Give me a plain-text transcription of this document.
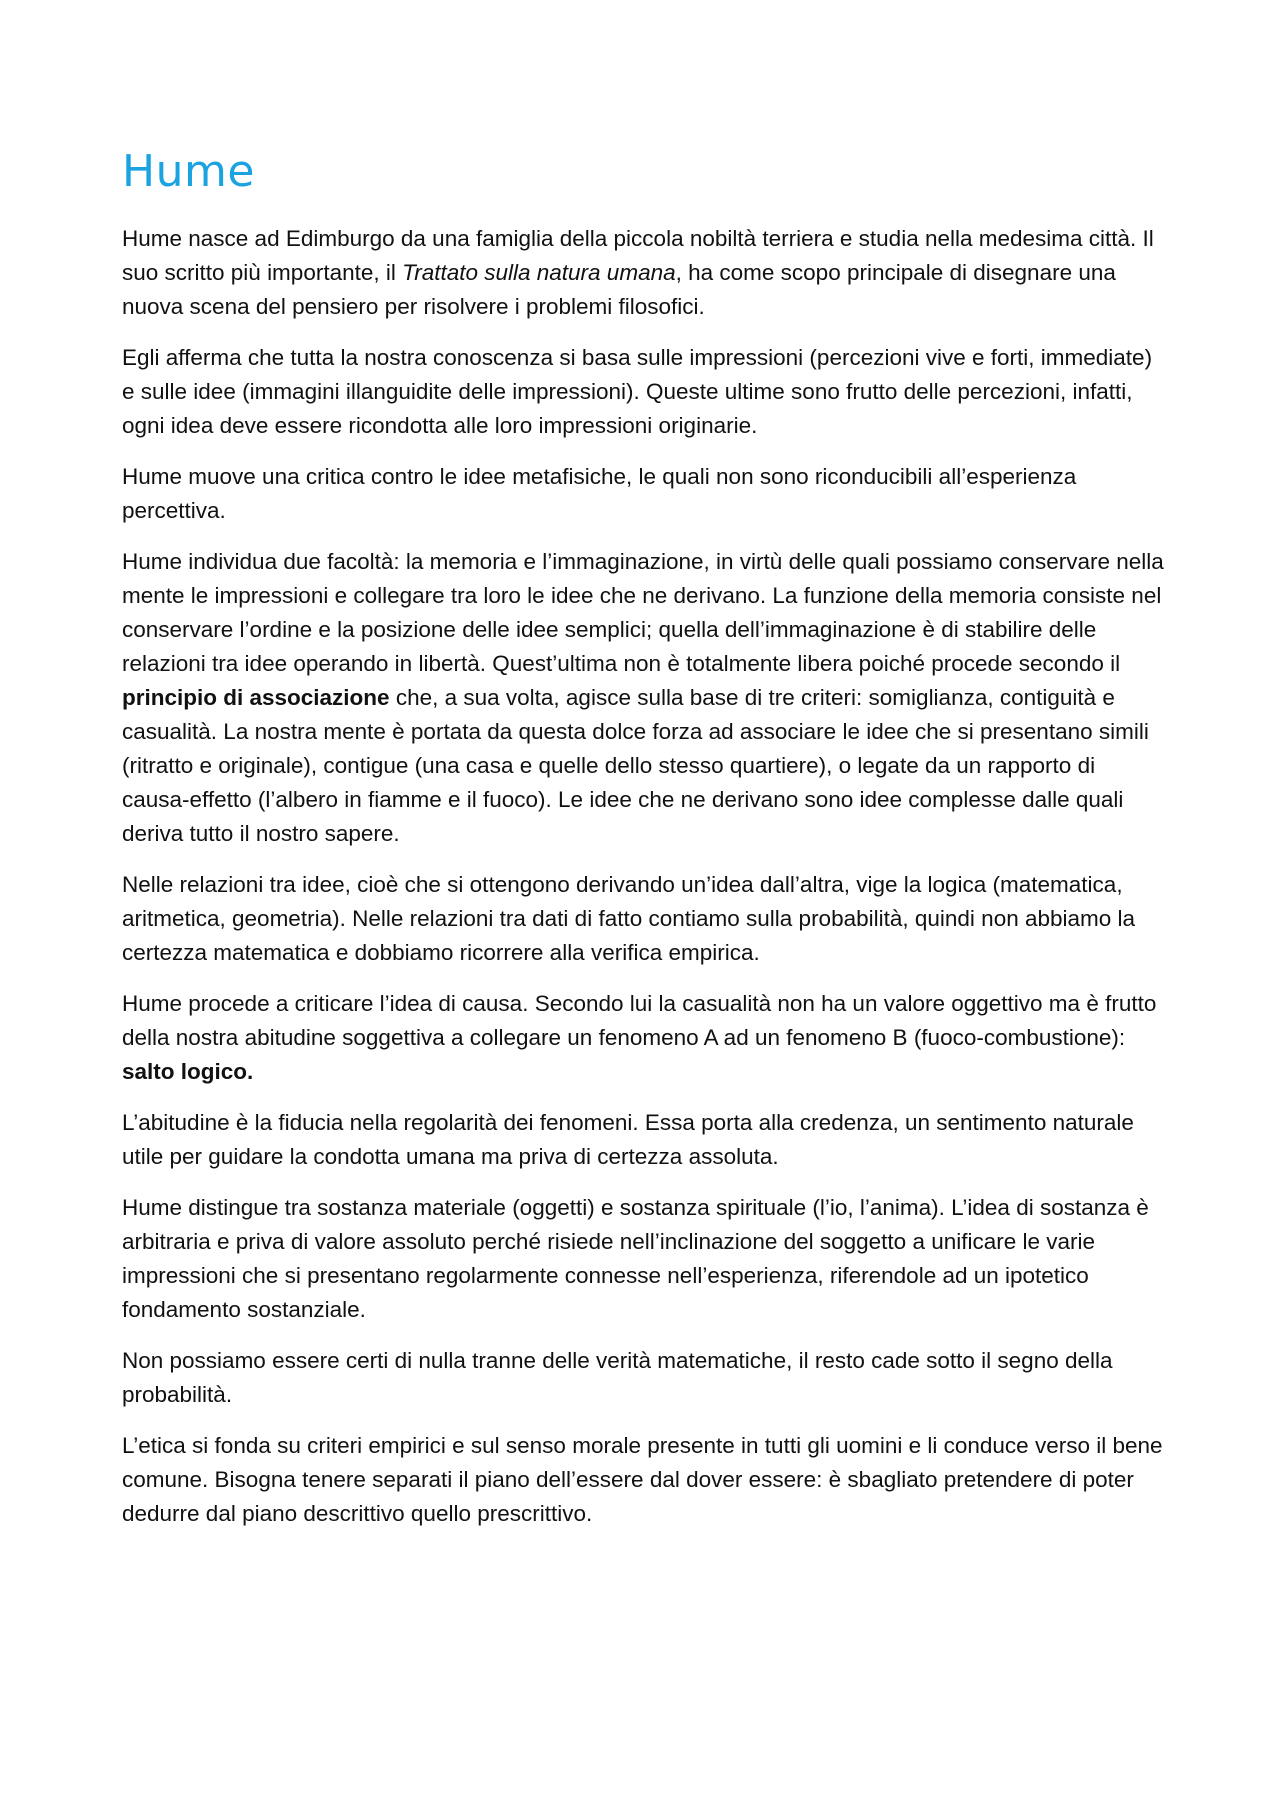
Hume

Hume nasce ad Edimburgo da una famiglia della piccola nobiltà terriera e studia nella medesima città. Il suo scritto più importante, il Trattato sulla natura umana, ha come scopo principale di disegnare una nuova scena del pensiero per risolvere i problemi filosofici.

Egli afferma che tutta la nostra conoscenza si basa sulle impressioni (percezioni vive e forti, immediate) e sulle idee (immagini illanguidite delle impressioni). Queste ultime sono frutto delle percezioni, infatti, ogni idea deve essere ricondotta alle loro impressioni originarie.

Hume muove una critica contro le idee metafisiche, le quali non sono riconducibili all’esperienza percettiva.

Hume individua due facoltà: la memoria e l’immaginazione, in virtù delle quali possiamo conservare nella mente le impressioni e collegare tra loro le idee che ne derivano. La funzione della memoria consiste nel conservare l’ordine e la posizione delle idee semplici; quella dell’immaginazione è di stabilire delle relazioni tra idee operando in libertà. Quest’ultima non è totalmente libera poiché procede secondo il principio di associazione che, a sua volta, agisce sulla base di tre criteri: somiglianza, contiguità e casualità. La nostra mente è portata da questa dolce forza ad associare le idee che si presentano simili (ritratto e originale), contigue (una casa e quelle dello stesso quartiere), o legate da un rapporto di causa-effetto (l’albero in fiamme e il fuoco). Le idee che ne derivano sono idee complesse dalle quali deriva tutto il nostro sapere.

Nelle relazioni tra idee, cioè che si ottengono derivando un’idea dall’altra, vige la logica (matematica, aritmetica, geometria). Nelle relazioni tra dati di fatto contiamo sulla probabilità, quindi non abbiamo la certezza matematica e dobbiamo ricorrere alla verifica empirica.

Hume procede a criticare l’idea di causa. Secondo lui la casualità non ha un valore oggettivo ma è frutto della nostra abitudine soggettiva a collegare un fenomeno A ad un fenomeno B (fuoco-combustione): salto logico.

L’abitudine è la fiducia nella regolarità dei fenomeni. Essa porta alla credenza, un sentimento naturale utile per guidare la condotta umana ma priva di certezza assoluta.

Hume distingue tra sostanza materiale (oggetti) e sostanza spirituale (l’io, l’anima). L’idea di sostanza è arbitraria e priva di valore assoluto perché risiede nell’inclinazione del soggetto a unificare le varie impressioni che si presentano regolarmente connesse nell’esperienza, riferendole ad un ipotetico fondamento sostanziale.

Non possiamo essere certi di nulla tranne delle verità matematiche, il resto cade sotto il segno della probabilità.

L’etica si fonda su criteri empirici e sul senso morale presente in tutti gli uomini e li conduce verso il bene comune. Bisogna tenere separati il piano dell’essere dal dover essere: è sbagliato pretendere di poter dedurre dal piano descrittivo quello prescrittivo.
